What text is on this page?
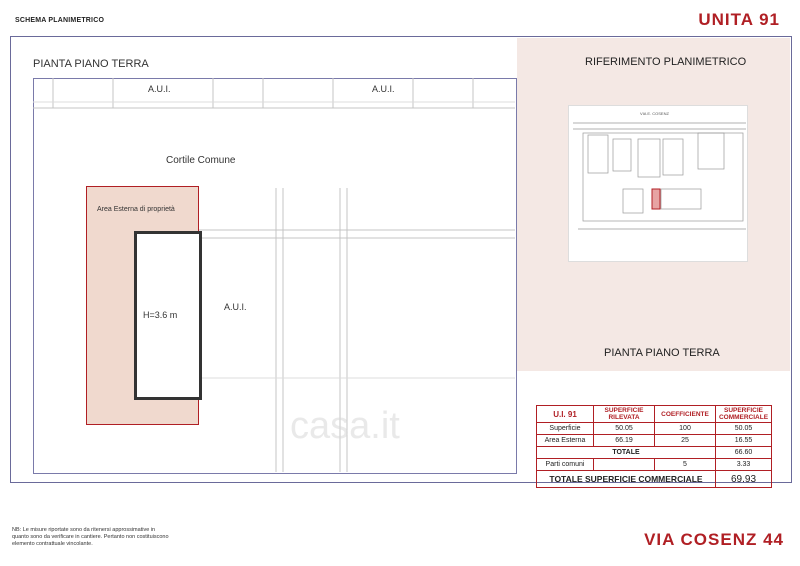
SCHEMA PLANIMETRICO	UNITA 91
PIANTA PIANO TERRA
A.U.I.	A.U.I.
Cortile Comune
Area Esterna di proprietà
H=3.6 m
A.U.I.
casa.it
RIFERIMENTO PLANIMETRICO
VIA E. COSENZ
PIANTA PIANO TERRA
U.I. 91	SUPERFICIE RILEVATA	COEFFICIENTE	SUPERFICIE COMMERCIALE
Superficie	50.05	100	50.05
Area Esterna	66.19	25	16.55
TOTALE			66.60
Parti comuni		5	3.33
TOTALE SUPERFICIE COMMERCIALE			69.93
NB: Le misure riportate sono da ritenersi approssimative in quanto sono da verificare in cantiere. Pertanto non costituiscono elemento contrattuale vincolante.	VIA COSENZ 44
